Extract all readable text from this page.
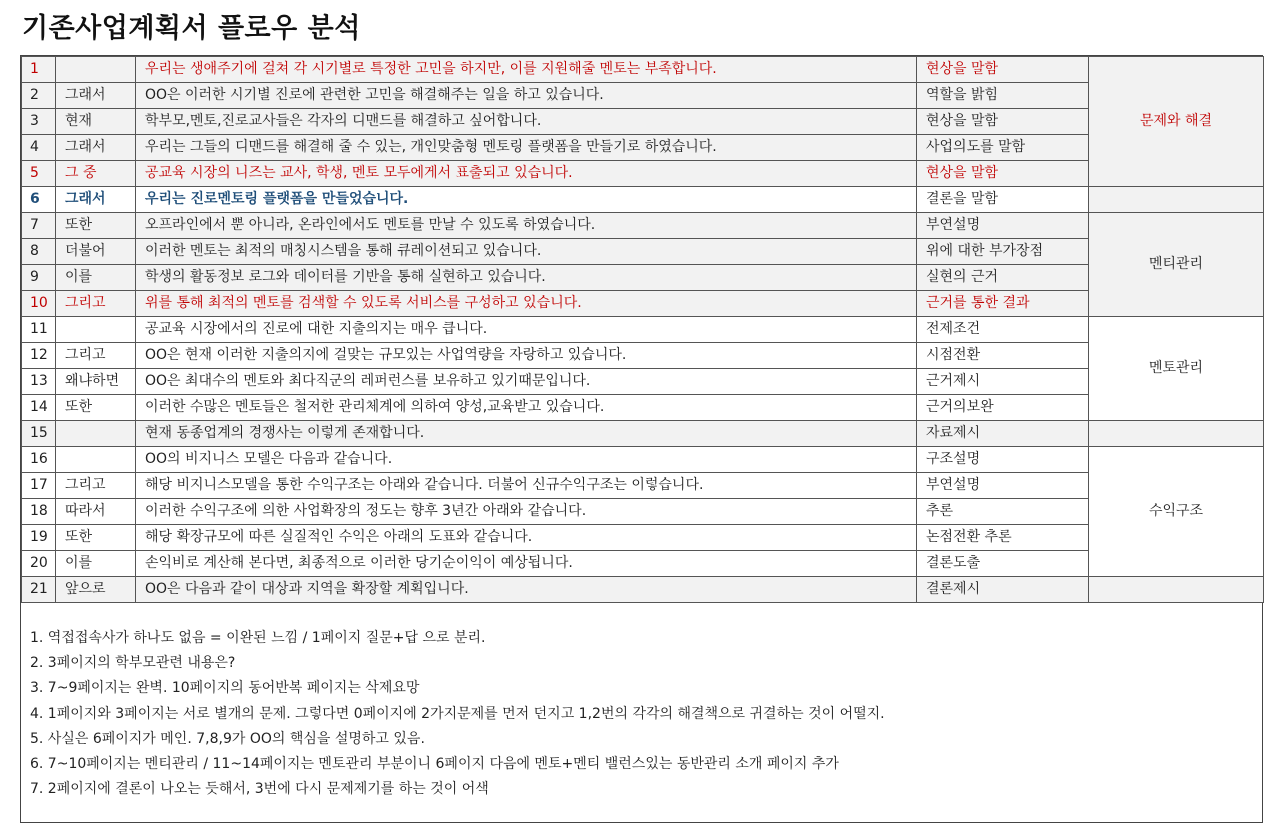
기존사업계획서 플로우 분석
1		우리는 생애주기에 걸쳐 각 시기별로 특정한 고민을 하지만, 이를 지원해줄 멘토는 부족합니다.	현상을 말함	문제와 해결
2	그래서	OO은 이러한 시기별 진로에 관련한 고민을 해결해주는 일을 하고 있습니다.	역할을 밝힘	
3	현재	학부모,멘토,진로교사들은 각자의 디맨드를 해결하고 싶어합니다.	현상을 말함	
4	그래서	우리는 그들의 디맨드를 해결해 줄 수 있는, 개인맞춤형 멘토링 플랫폼을 만들기로 하였습니다.	사업의도를 말함	
5	그 중	공교육 시장의 니즈는 교사, 학생, 멘토 모두에게서 표출되고 있습니다.	현상을 말함	
6	그래서	우리는 진로멘토링 플랫폼을 만들었습니다.	결론을 말함	
7	또한	오프라인에서 뿐 아니라, 온라인에서도 멘토를 만날 수 있도록 하였습니다.	부연설명	멘티관리
8	더불어	이러한 멘토는 최적의 매칭시스템을 통해 큐레이션되고 있습니다.	위에 대한 부가장점	
9	이를	학생의 활동정보 로그와 데이터를 기반을 통해 실현하고 있습니다.	실현의 근거	
10	그리고	위를 통해 최적의 멘토를 검색할 수 있도록 서비스를 구성하고 있습니다.	근거를 통한 결과	
11		공교육 시장에서의 진로에 대한 지출의지는 매우 큽니다.	전제조건	멘토관리
12	그리고	OO은 현재 이러한 지출의지에 걸맞는 규모있는 사업역량을 자랑하고 있습니다.	시점전환	
13	왜냐하면	OO은 최대수의 멘토와 최다직군의 레퍼런스를 보유하고 있기때문입니다.	근거제시	
14	또한	이러한 수많은 멘토들은 철저한 관리체계에 의하여 양성,교육받고 있습니다.	근거의보완	
15		현재 동종업계의 경쟁사는 이렇게 존재합니다.	자료제시	
16		OO의 비지니스 모델은 다음과 같습니다.	구조설명	수익구조
17	그리고	해당 비지니스모델을 통한 수익구조는 아래와 같습니다. 더불어 신규수익구조는 이렇습니다.	부연설명	
18	따라서	이러한 수익구조에 의한 사업확장의 정도는 향후 3년간 아래와 같습니다.	추론	
19	또한	해당 확장규모에 따른 실질적인 수익은 아래의 도표와 같습니다.	논점전환 추론	
20	이를	손익비로 계산해 본다면, 최종적으로 이러한 당기순이익이 예상됩니다.	결론도출	
21	앞으로	OO은 다음과 같이 대상과 지역을 확장할 계획입니다.	결론제시	
1. 역접접속사가 하나도 없음 = 이완된 느낌 / 1페이지 질문+답 으로 분리.
2. 3페이지의 학부모관련 내용은?
3. 7~9페이지는 완벽. 10페이지의 동어반복 페이지는 삭제요망
4. 1페이지와 3페이지는 서로 별개의 문제. 그렇다면 0페이지에 2가지문제를 먼저 던지고 1,2번의 각각의 해결책으로 귀결하는 것이 어떨지.
5. 사실은 6페이지가 메인. 7,8,9가 OO의 핵심을 설명하고 있음.
6. 7~10페이지는 멘티관리 / 11~14페이지는 멘토관리 부분이니 6페이지 다음에 멘토+멘티 밸런스있는 동반관리 소개 페이지 추가
7. 2페이지에 결론이 나오는 듯해서, 3번에 다시 문제제기를 하는 것이 어색
